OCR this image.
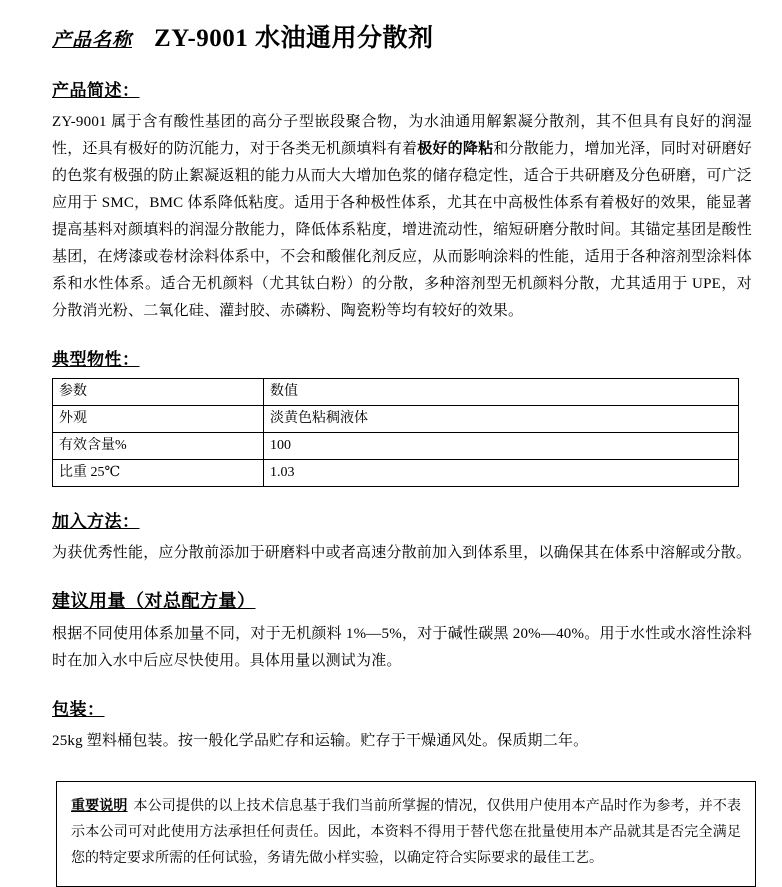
产品名称 ZY-9001 水油通用分散剂
产品简述：

ZY-9001 属于含有酸性基团的高分子型嵌段聚合物，为水油通用解絮凝分散剂，其不但具有良好的润湿性，还具有极好的防沉能力，对于各类无机颜填料有着极好的降粘和分散能力，增加光泽，同时对研磨好的色浆有极强的防止絮凝返粗的能力从而大大增加色浆的储存稳定性，适合于共研磨及分色研磨，可广泛应用于 SMC，BMC 体系降低粘度。适用于各种极性体系，尤其在中高极性体系有着极好的效果，能显著提高基料对颜填料的润湿分散能力，降低体系粘度，增进流动性，缩短研磨分散时间。其锚定基团是酸性基团，在烤漆或卷材涂料体系中，不会和酸催化剂反应，从而影响涂料的性能，适用于各种溶剂型涂料体系和水性体系。适合无机颜料（尤其钛白粉）的分散，多种溶剂型无机颜料分散，尤其适用于 UPE，对分散消光粉、二氧化硅、灌封胶、赤磷粉、陶瓷粉等均有较好的效果。

典型物性：
参数	数值
外观	淡黄色粘稠液体
有效含量%	100
比重 25℃	1.03
加入方法：

为获优秀性能，应分散前添加于研磨料中或者高速分散前加入到体系里，以确保其在体系中溶解或分散。

建议用量（对总配方量）

根据不同使用体系加量不同，对于无机颜料 1%—5%，对于碱性碳黑 20%—40%。用于水性或水溶性涂料时在加入水中后应尽快使用。具体用量以测试为准。

包装：

25kg 塑料桶包装。按一般化学品贮存和运输。贮存于干燥通风处。保质期二年。

重要说明 本公司提供的以上技术信息基于我们当前所掌握的情况，仅供用户使用本产品时作为参考，并不表示本公司可对此使用方法承担任何责任。因此，本资料不得用于替代您在批量使用本产品就其是否完全满足您的特定要求所需的任何试验，务请先做小样实验，以确定符合实际要求的最佳工艺。
